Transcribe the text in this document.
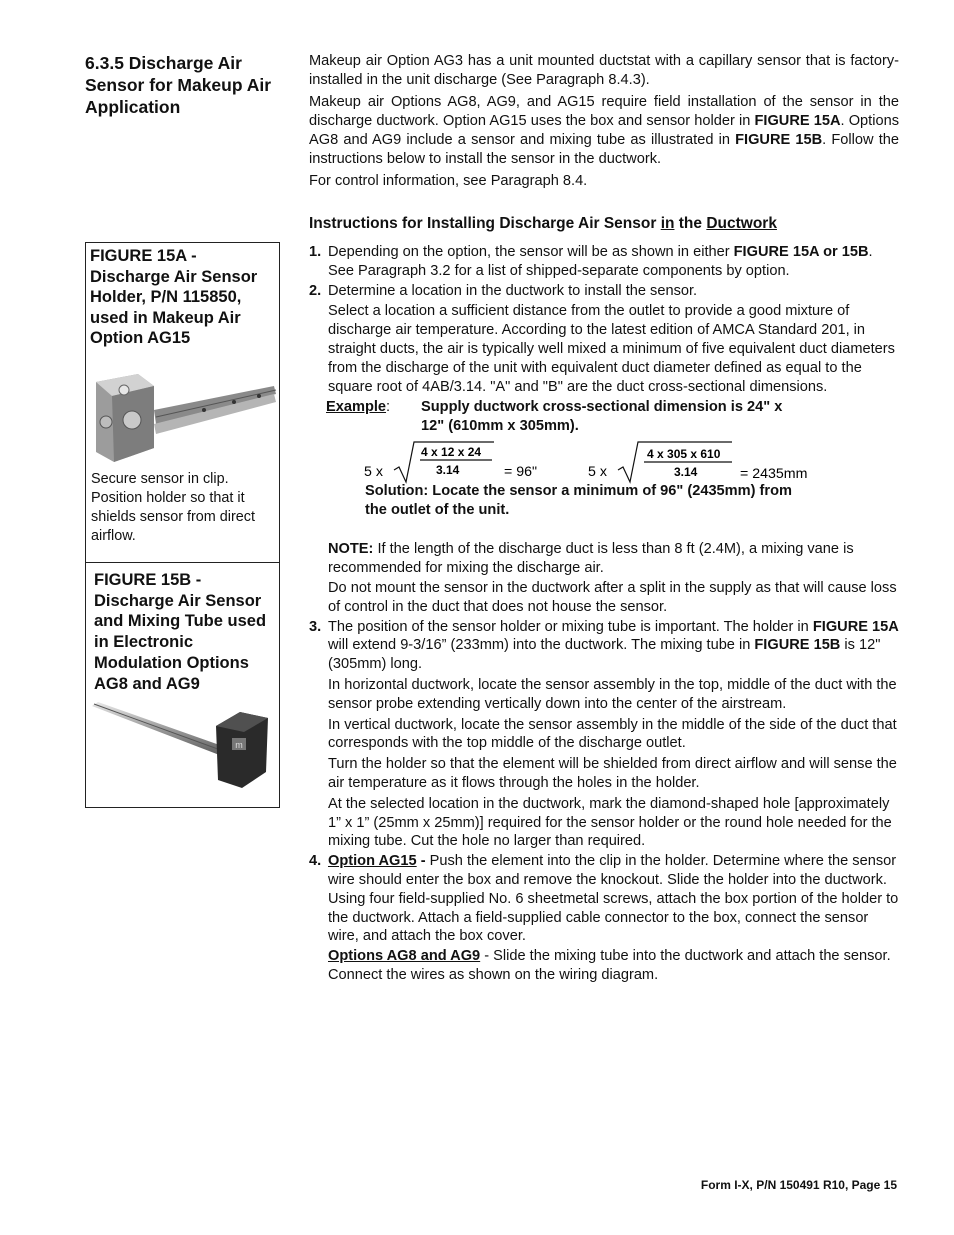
6.3.5 Discharge Air Sensor for Makeup Air Application

Makeup air Option AG3 has a unit mounted ductstat with a capillary sensor that is factory-installed in the unit discharge (See Paragraph 8.4.3).

Makeup air Options AG8, AG9, and AG15 require field installation of the sensor in the discharge ductwork. Option AG15 uses the box and sensor holder in FIGURE 15A. Options AG8 and AG9 include a sensor and mixing tube as illustrated in FIGURE 15B. Follow the instructions below to install the sensor in the ductwork.

For control information, see Paragraph 8.4.

Instructions for Installing Discharge Air Sensor in the Ductwork
FIGURE 15A - Discharge Air Sensor Holder, P/N 115850, used in Makeup Air Option AG15
Secure sensor in clip. Position holder so that it shields sensor from direct airflow.
FIGURE 15B - Discharge Air Sensor and Mixing Tube used in Electronic Modulation Options AG8 and AG9
m
1. Depending on the option, the sensor will be as shown in either FIGURE 15A or 15B. See Paragraph 3.2 for a list of shipped-separate components by option.

2. Determine a location in the ductwork to install the sensor.

Select a location a sufficient distance from the outlet to provide a good mixture of discharge air temperature. According to the latest edition of AMCA Standard 201, in straight ducts, the air is typically well mixed a minimum of five equivalent duct diameters from the discharge of the unit with equivalent duct diameter defined as equal to the square root of 4AB/3.14. "A" and "B" are the duct cross-sectional dimensions.

Example: Supply ductwork cross-sectional dimension is 24" x 12" (610mm x 305mm).
5 x
4 x 12 x 24
3.14	= 96"	5 x
4 x 305 x 610
3.14	= 2435mm
Solution: Locate the sensor a minimum of 96" (2435mm) from the outlet of the unit.

NOTE: If the length of the discharge duct is less than 8 ft (2.4M), a mixing vane is recommended for mixing the discharge air.

Do not mount the sensor in the ductwork after a split in the supply as that will cause loss of control in the duct that does not house the sensor.

3. The position of the sensor holder or mixing tube is important. The holder in FIGURE 15A will extend 9-3/16” (233mm) into the ductwork. The mixing tube in FIGURE 15B is 12" (305mm) long.

In horizontal ductwork, locate the sensor assembly in the top, middle of the duct with the sensor probe extending vertically down into the center of the airstream.

In vertical ductwork, locate the sensor assembly in the middle of the side of the duct that corresponds with the top middle of the discharge outlet.

Turn the holder so that the element will be shielded from direct airflow and will sense the air temperature as it flows through the holes in the holder.

At the selected location in the ductwork, mark the diamond-shaped hole [approximately 1” x 1” (25mm x 25mm)] required for the sensor holder or the round hole needed for the mixing tube. Cut the hole no larger than required.

4. Option AG15 - Push the element into the clip in the holder. Determine where the sensor wire should enter the box and remove the knockout. Slide the holder into the ductwork. Using four field-supplied No. 6 sheetmetal screws, attach the box portion of the holder to the ductwork. Attach a field-supplied cable connector to the box, connect the sensor wire, and attach the box cover.

Options AG8 and AG9 - Slide the mixing tube into the ductwork and attach the sensor. Connect the wires as shown on the wiring diagram.

Form I-X, P/N 150491 R10, Page 15
